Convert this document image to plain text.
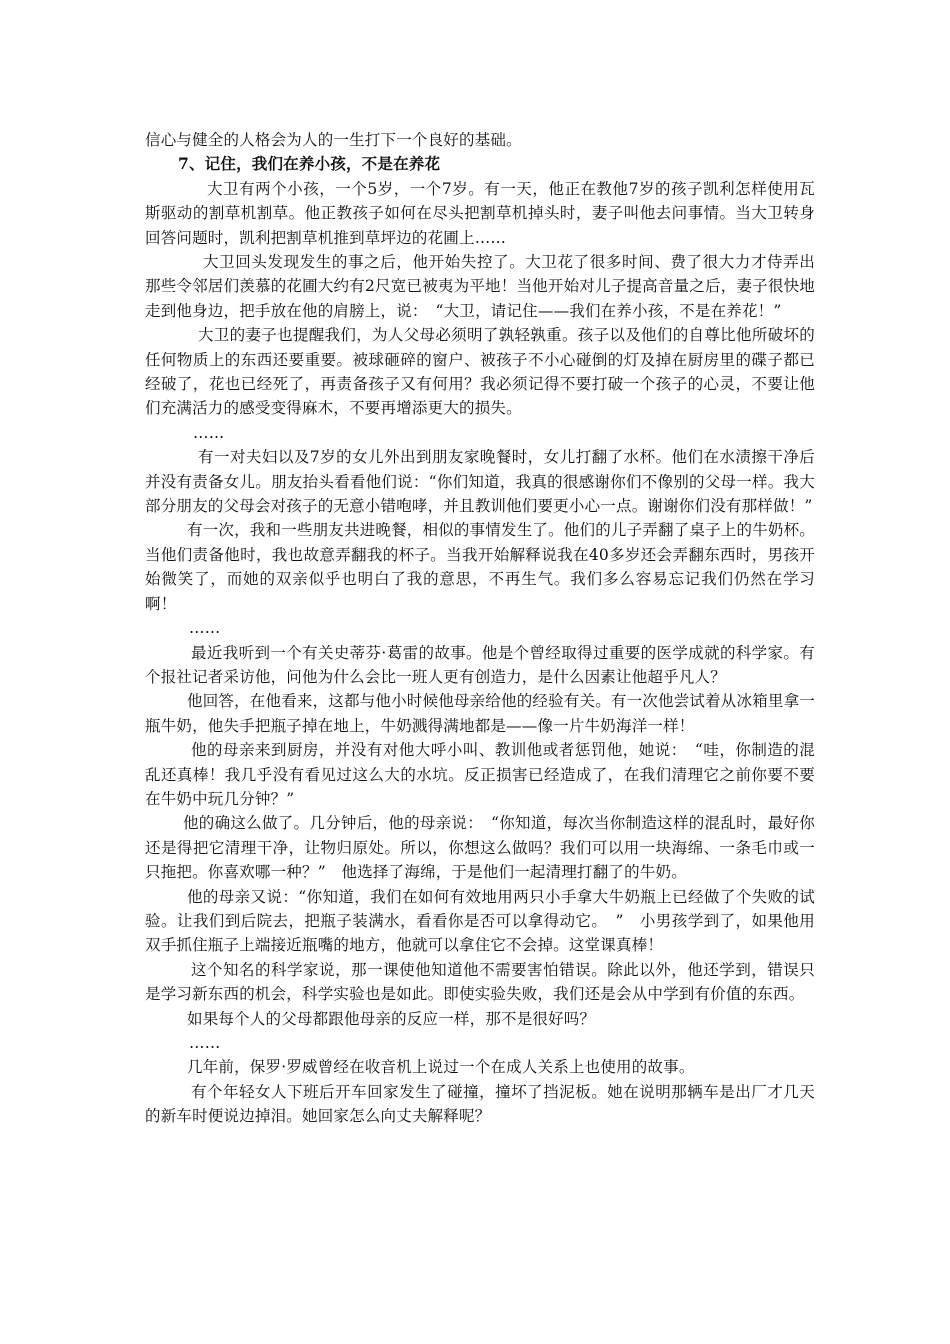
信心与健全的人格会为人的一生打下一个良好的基础。

7、记住，我们在养小孩，不是在养花

大卫有两个小孩，一个5岁，一个7岁。有一天，他正在教他7岁的孩子凯利怎样使用瓦斯驱动的割草机割草。他正教孩子如何在尽头把割草机掉头时，妻子叫他去问事情。当大卫转身回答问题时，凯利把割草机推到草坪边的花圃上……

大卫回头发现发生的事之后，他开始失控了。大卫花了很多时间、费了很大力才侍弄出那些令邻居们羡慕的花圃大约有2尺宽已被夷为平地！当他开始对儿子提高音量之后，妻子很快地走到他身边，把手放在他的肩膀上，说：　“大卫，请记住——我们在养小孩，不是在养花！”

大卫的妻子也提醒我们，为人父母必须明了孰轻孰重。孩子以及他们的自尊比他所破坏的任何物质上的东西还要重要。被球砸碎的窗户、被孩子不小心碰倒的灯及掉在厨房里的碟子都已经破了，花也已经死了，再责备孩子又有何用？我必须记得不要打破一个孩子的心灵，不要让他们充满活力的感受变得麻木，不要再增添更大的损失。

……

有一对夫妇以及7岁的女儿外出到朋友家晚餐时，女儿打翻了水杯。他们在水渍擦干净后并没有责备女儿。朋友抬头看看他们说：“你们知道，我真的很感谢你们不像别的父母一样。我大部分朋友的父母会对孩子的无意小错咆哮，并且教训他们要更小心一点。谢谢你们没有那样做！”

有一次，我和一些朋友共进晚餐，相似的事情发生了。他们的儿子弄翻了桌子上的牛奶杯。当他们责备他时，我也故意弄翻我的杯子。当我开始解释说我在40多岁还会弄翻东西时，男孩开始微笑了，而她的双亲似乎也明白了我的意思，不再生气。我们多么容易忘记我们仍然在学习啊！

……

最近我听到一个有关史蒂芬·葛雷的故事。他是个曾经取得过重要的医学成就的科学家。有个报社记者采访他，问他为什么会比一班人更有创造力，是什么因素让他超乎凡人？

他回答，在他看来，这都与他小时候他母亲给他的经验有关。有一次他尝试着从冰箱里拿一瓶牛奶，他失手把瓶子掉在地上，牛奶溅得满地都是——像一片牛奶海洋一样！

他的母亲来到厨房，并没有对他大呼小叫、教训他或者惩罚他，她说：　“哇，你制造的混乱还真棒！我几乎没有看见过这么大的水坑。反正损害已经造成了，在我们清理它之前你要不要在牛奶中玩几分钟？”

他的确这么做了。几分钟后，他的母亲说：　“你知道，每次当你制造这样的混乱时，最好你还是得把它清理干净，让物归原处。所以，你想这么做吗？我们可以用一块海绵、一条毛巾或一只拖把。你喜欢哪一种？”　他选择了海绵，于是他们一起清理打翻了的牛奶。

他的母亲又说：“你知道，我们在如何有效地用两只小手拿大牛奶瓶上已经做了个失败的试验。让我们到后院去，把瓶子装满水，看看你是否可以拿得动它。　”　小男孩学到了，如果他用双手抓住瓶子上端接近瓶嘴的地方，他就可以拿住它不会掉。这堂课真棒！

这个知名的科学家说，那一课使他知道他不需要害怕错误。除此以外，他还学到，错误只是学习新东西的机会，科学实验也是如此。即使实验失败，我们还是会从中学到有价值的东西。

如果每个人的父母都跟他母亲的反应一样，那不是很好吗？

……

几年前，保罗·罗威曾经在收音机上说过一个在成人关系上也使用的故事。

有个年轻女人下班后开车回家发生了碰撞，撞坏了挡泥板。她在说明那辆车是出厂才几天的新车时便说边掉泪。她回家怎么向丈夫解释呢？
